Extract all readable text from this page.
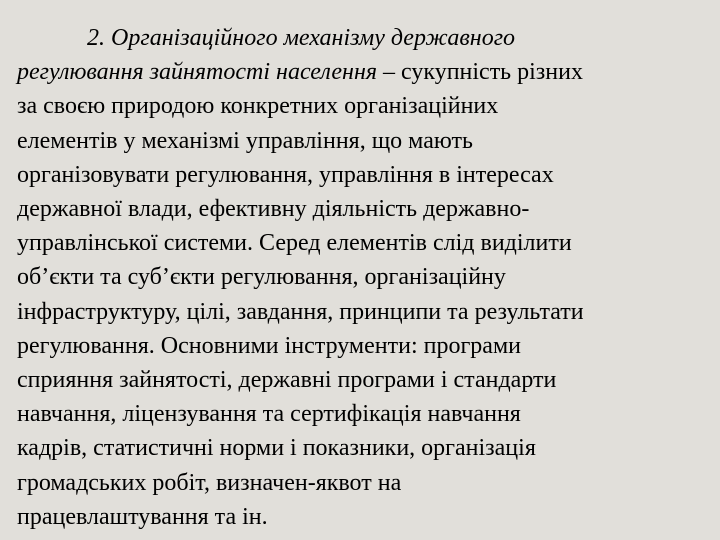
2. Організаційного механізму державного
регулювання зайнятості населення – сукупність різних
за своєю природою конкретних організаційних
елементів у механізмі управління, що мають
організовувати регулювання, управління в інтересах
державної влади, ефективну діяльність державно-
управлінської системи. Серед елементів слід виділити
об’єкти та суб’єкти регулювання, організаційну
інфраструктуру, цілі, завдання, принципи та результати
регулювання. Основними інструменти: програми
сприяння зайнятості, державні програми і стандарти
навчання, ліцензування та сертифікація навчання
кадрів, статистичні норми і показники, організація
громадських робіт, визначен-яквот на
працевлаштування та ін.
